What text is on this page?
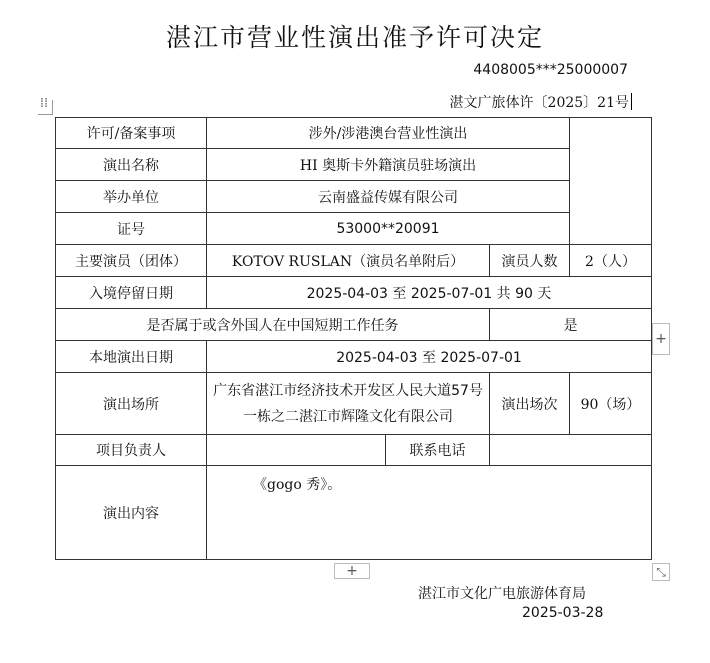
湛江市营业性演出准予许可决定
4408005***25000007
湛文广旅体许〔2025〕21号
⁞⁞
许可/备案事项	涉外/涉港澳台营业性演出			
演出名称	HI 奥斯卡外籍演员驻场演出			
举办单位	云南盛益传媒有限公司			
证号	53000**20091			
主要演员（团体）	KOTOV RUSLAN（演员名单附后）		演员人数	2（人）
入境停留日期	2025-04-03 至 2025-07-01 共 90 天			
是否属于或含外国人在中国短期工作任务			是	
本地演出日期	2025-04-03 至 2025-07-01			
演出场所	广东省湛江市经济技术开发区人民大道57号一栋之二湛江市辉隆文化有限公司		演出场次	90（场）
项目负责人		联系电话		
演出内容	《gogo 秀》。			
+
+	⤡
湛江市文化广电旅游体育局
2025-03-28
